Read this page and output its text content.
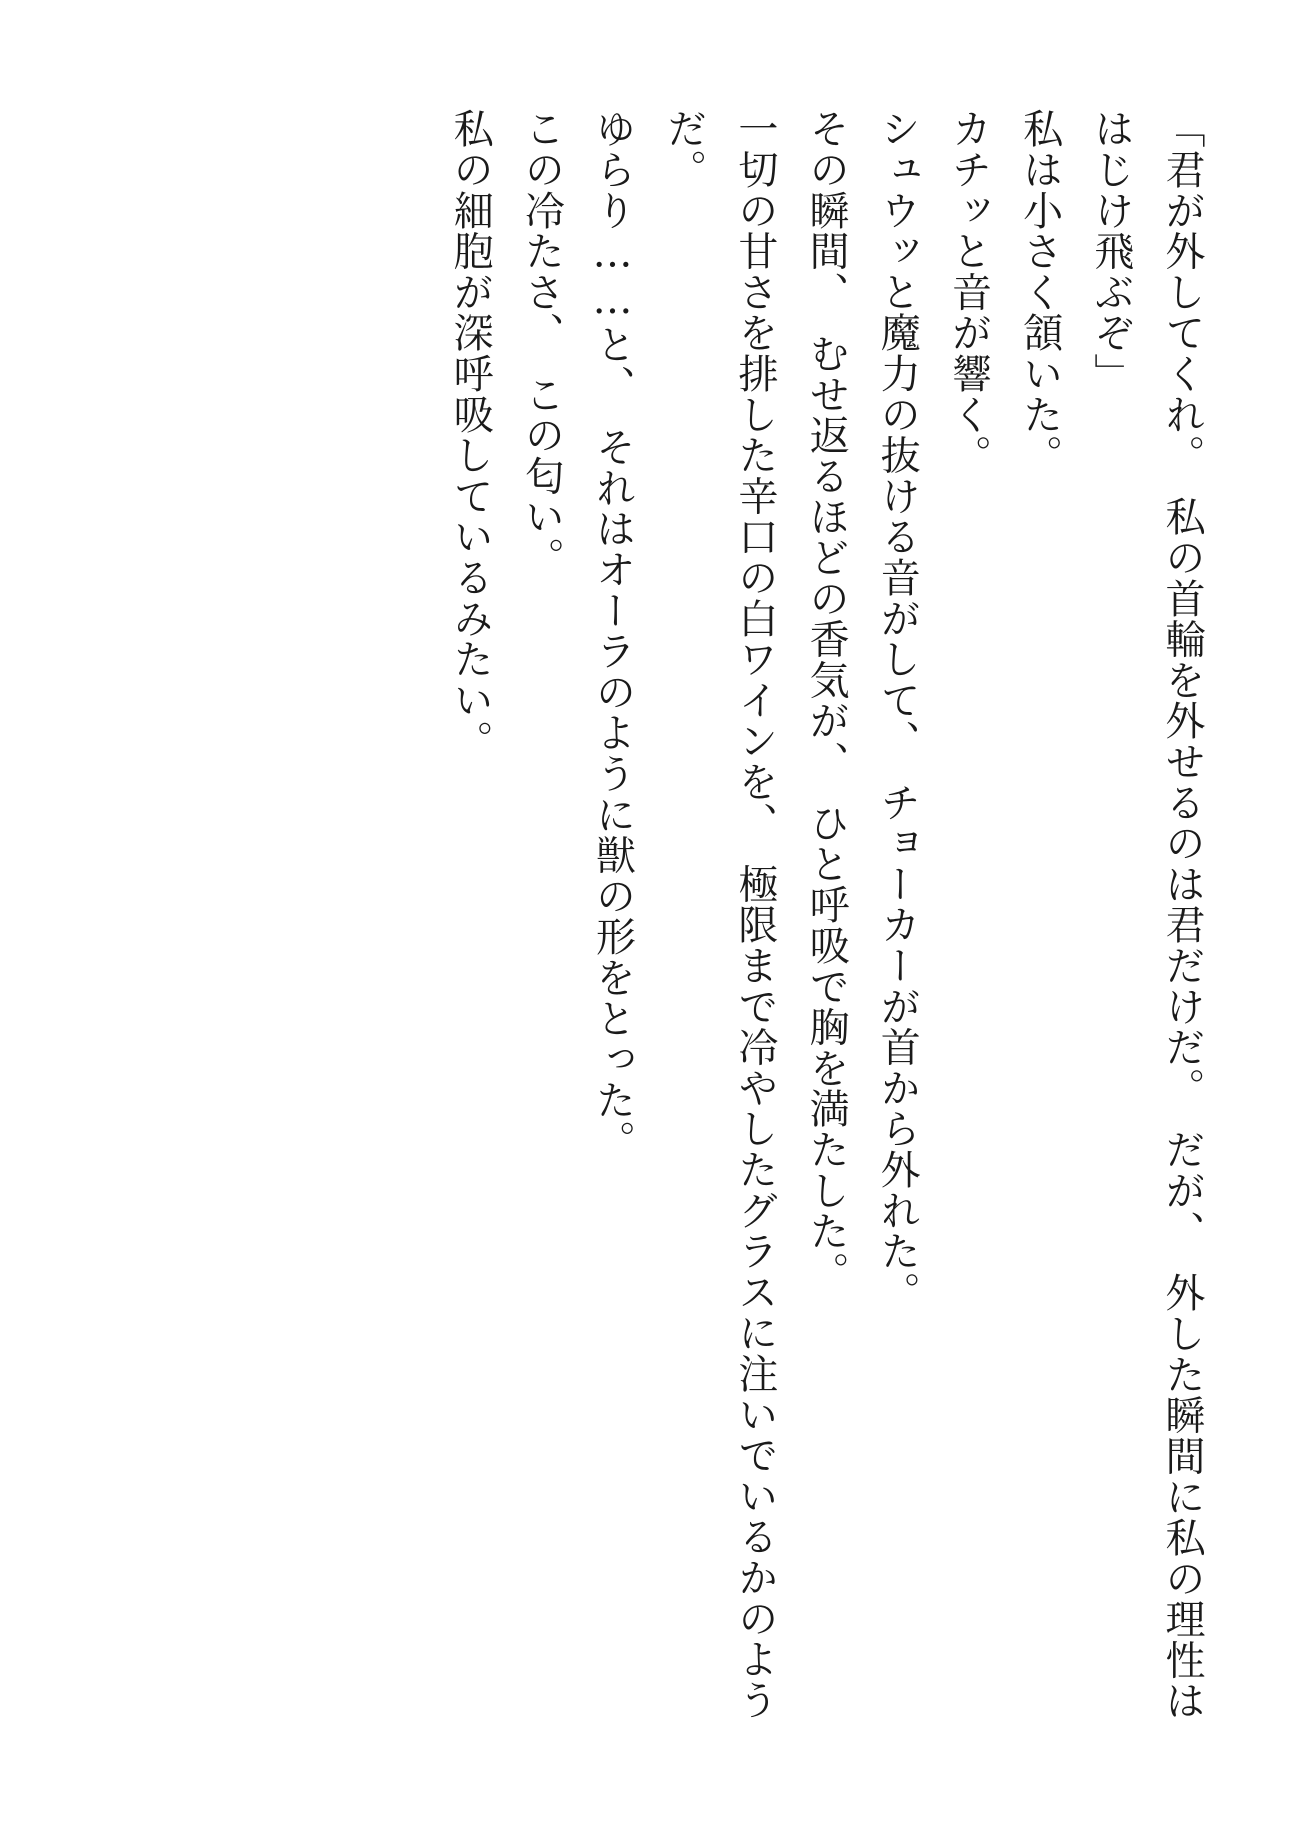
「君が外してくれ。　私の首輪を外せるのは君だけだ。　だが、　外した瞬間に私の理性ははじけ飛ぶぞ」

私は小さく頷いた。

カチッと音が響く。

シュウッと魔力の抜ける音がして、　チョーカーが首から外れた。

その瞬間、　むせ返るほどの香気が、　ひと呼吸で胸を満たした。

一切の甘さを排した辛口の白ワインを、　極限まで冷やしたグラスに注いでいるかのようだ。

ゆらり……と、　それはオーラのように獣の形をとった。

この冷たさ、　この匂い。

私の細胞が深呼吸しているみたい。
